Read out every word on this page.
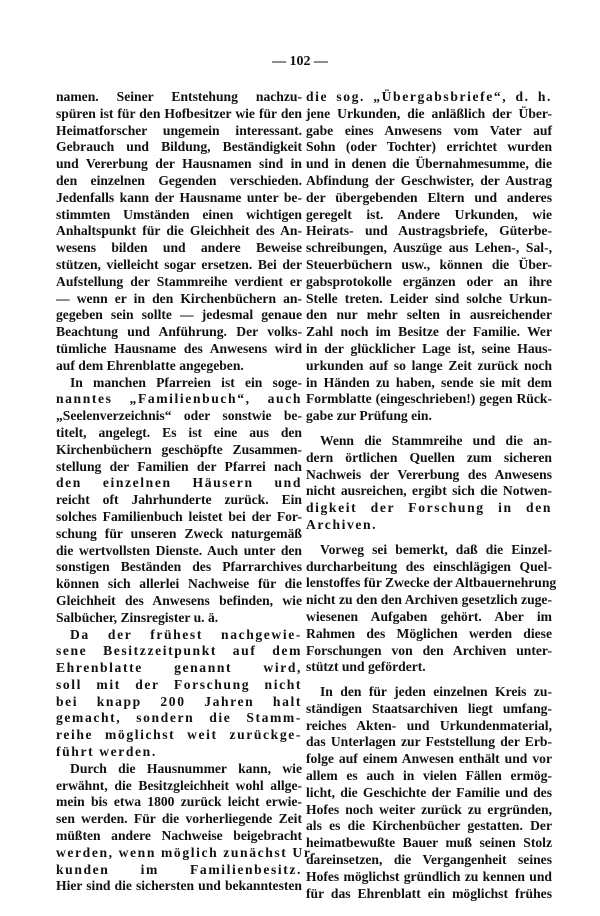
— 102 —
namen. Seiner Entstehung nachzu-
spüren ist für den Hofbesitzer wie für den
Heimatforscher ungemein interessant.
Gebrauch und Bildung, Beständigkeit
und Vererbung der Hausnamen sind in
den einzelnen Gegenden verschieden.
Jedenfalls kann der Hausname unter be-
stimmten Umständen einen wichtigen
Anhaltspunkt für die Gleichheit des An-
wesens bilden und andere Beweise
stützen, vielleicht sogar ersetzen. Bei der
Aufstellung der Stammreihe verdient er
— wenn er in den Kirchenbüchern an-
gegeben sein sollte — jedesmal genaue
Beachtung und Anführung. Der volks-
tümliche Hausname des Anwesens wird
auf dem Ehrenblatte angegeben.
In manchen Pfarreien ist ein soge-
nanntes „Familienbuch“, auch
„Seelenverzeichnis“ oder sonstwie be-
titelt, angelegt. Es ist eine aus den
Kirchenbüchern geschöpfte Zusammen-
stellung der Familien der Pfarrei nach
den einzelnen Häusern und
reicht oft Jahrhunderte zurück. Ein
solches Familienbuch leistet bei der For-
schung für unseren Zweck naturgemäß
die wertvollsten Dienste. Auch unter den
sonstigen Beständen des Pfarrarchives
können sich allerlei Nachweise für die
Gleichheit des Anwesens befinden, wie
Salbücher, Zinsregister u. ä.
Da der frühest nachgewie-
sene Besitzzeitpunkt auf dem
Ehrenblatte genannt wird,
soll mit der Forschung nicht
bei knapp 200 Jahren halt
gemacht, sondern die Stamm-
reihe möglichst weit zurückge-
führt werden.
Durch die Hausnummer kann, wie
erwähnt, die Besitzgleichheit wohl allge-
mein bis etwa 1800 zurück leicht erwie-
sen werden. Für die vorherliegende Zeit
müßten andere Nachweise beigebracht
werden, wenn möglich zunächst Ur-
kunden im Familienbesitz.
Hier sind die sichersten und bekanntesten
die sog. „Übergabsbriefe“, d. h.
jene Urkunden, die anläßlich der Über-
gabe eines Anwesens vom Vater auf
Sohn (oder Tochter) errichtet wurden
und in denen die Übernahmesumme, die
Abfindung der Geschwister, der Austrag
der übergebenden Eltern und anderes
geregelt ist. Andere Urkunden, wie
Heirats- und Austragsbriefe, Güterbe-
schreibungen, Auszüge aus Lehen-, Sal-,
Steuerbüchern usw., können die Über-
gabsprotokolle ergänzen oder an ihre
Stelle treten. Leider sind solche Urkun-
den nur mehr selten in ausreichender
Zahl noch im Besitze der Familie. Wer
in der glücklicher Lage ist, seine Haus-
urkunden auf so lange Zeit zurück noch
in Händen zu haben, sende sie mit dem
Formblatte (eingeschrieben!) gegen Rück-
gabe zur Prüfung ein.
Wenn die Stammreihe und die an-
dern örtlichen Quellen zum sicheren
Nachweis der Vererbung des Anwesens
nicht ausreichen, ergibt sich die Notwen-
digkeit der Forschung in den
Archiven.
Vorweg sei bemerkt, daß die Einzel-
durcharbeitung des einschlägigen Quel-
lenstoffes für Zwecke der Altbauernehrung
nicht zu den den Archiven gesetzlich zuge-
wiesenen Aufgaben gehört. Aber im
Rahmen des Möglichen werden diese
Forschungen von den Archiven unter-
stützt und gefördert.
In den für jeden einzelnen Kreis zu-
ständigen Staatsarchiven liegt umfang-
reiches Akten- und Urkundenmaterial,
das Unterlagen zur Feststellung der Erb-
folge auf einem Anwesen enthält und vor
allem es auch in vielen Fällen ermög-
licht, die Geschichte der Familie und des
Hofes noch weiter zurück zu ergründen,
als es die Kirchenbücher gestatten. Der
heimatbewußte Bauer muß seinen Stolz
dareinsetzen, die Vergangenheit seines
Hofes möglichst gründlich zu kennen und
für das Ehrenblatt ein möglichst frühes
